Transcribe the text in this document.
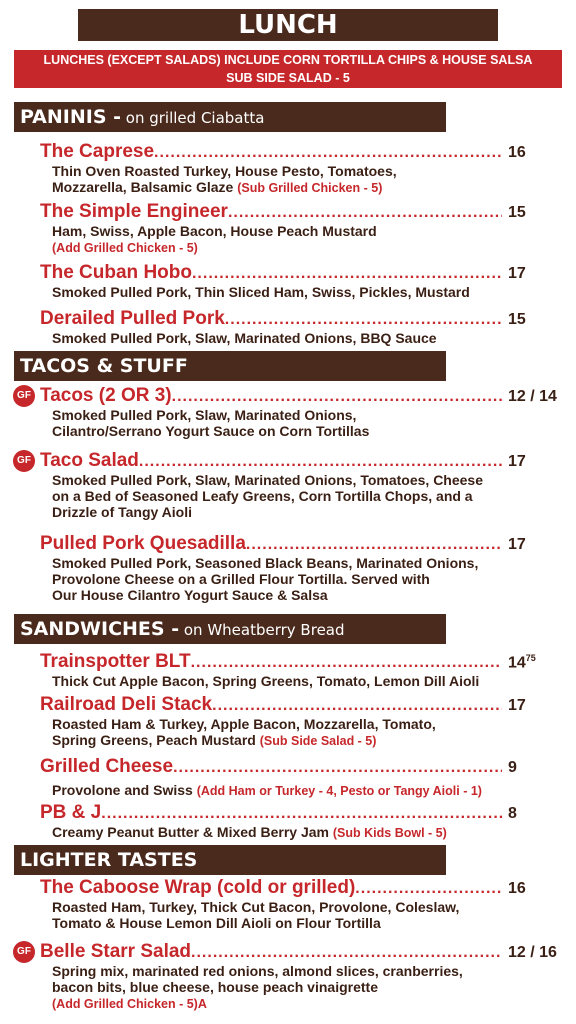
LUNCH
LUNCHES (EXCEPT SALADS) INCLUDE CORN TORTILLA CHIPS & HOUSE SALSA
SUB SIDE SALAD - 5
PANINIS - on grilled Ciabatta
The Caprese .....	16
Thin Oven Roasted Turkey, House Pesto, Tomatoes,
Mozzarella, Balsamic Glaze (Sub Grilled Chicken - 5)
The Simple Engineer .....	15
Ham, Swiss, Apple Bacon, House Peach Mustard
(Add Grilled Chicken - 5)
The Cuban Hobo .....	17
Smoked Pulled Pork, Thin Sliced Ham, Swiss, Pickles, Mustard
Derailed Pulled Pork .....	15
Smoked Pulled Pork, Slaw, Marinated Onions, BBQ Sauce
TACOS & STUFF
GF Tacos (2 OR 3) .....	12 / 14
Smoked Pulled Pork, Slaw, Marinated Onions,
Cilantro/Serrano Yogurt Sauce on Corn Tortillas
GF Taco Salad .....	17
Smoked Pulled Pork, Slaw, Marinated Onions, Tomatoes, Cheese
on a Bed of Seasoned Leafy Greens, Corn Tortilla Chops, and a
Drizzle of Tangy Aioli
Pulled Pork Quesadilla .....	17
Smoked Pulled Pork, Seasoned Black Beans, Marinated Onions,
Provolone Cheese on a Grilled Flour Tortilla. Served with
Our House Cilantro Yogurt Sauce & Salsa
SANDWICHES - on Wheatberry Bread
Trainspotter BLT .....	$14^{75}$
Thick Cut Apple Bacon, Spring Greens, Tomato, Lemon Dill Aioli
Railroad Deli Stack .....	17
Roasted Ham & Turkey, Apple Bacon, Mozzarella, Tomato,
Spring Greens, Peach Mustard (Sub Side Salad - 5)
Grilled Cheese .....	9
Provolone and Swiss (Add Ham or Turkey - 4, Pesto or Tangy Aioli - 1)
PB & J .....	8
Creamy Peanut Butter & Mixed Berry Jam (Sub Kids Bowl - 5)
LIGHTER TASTES
The Caboose Wrap (cold or grilled) .....	16
Roasted Ham, Turkey, Thick Cut Bacon, Provolone, Coleslaw,
Tomato & House Lemon Dill Aioli on Flour Tortilla
GF Belle Starr Salad .....	12 / 16
Spring mix, marinated red onions, almond slices, cranberries,
bacon bits, blue cheese, house peach vinaigrette
(Add Grilled Chicken - 5)A
